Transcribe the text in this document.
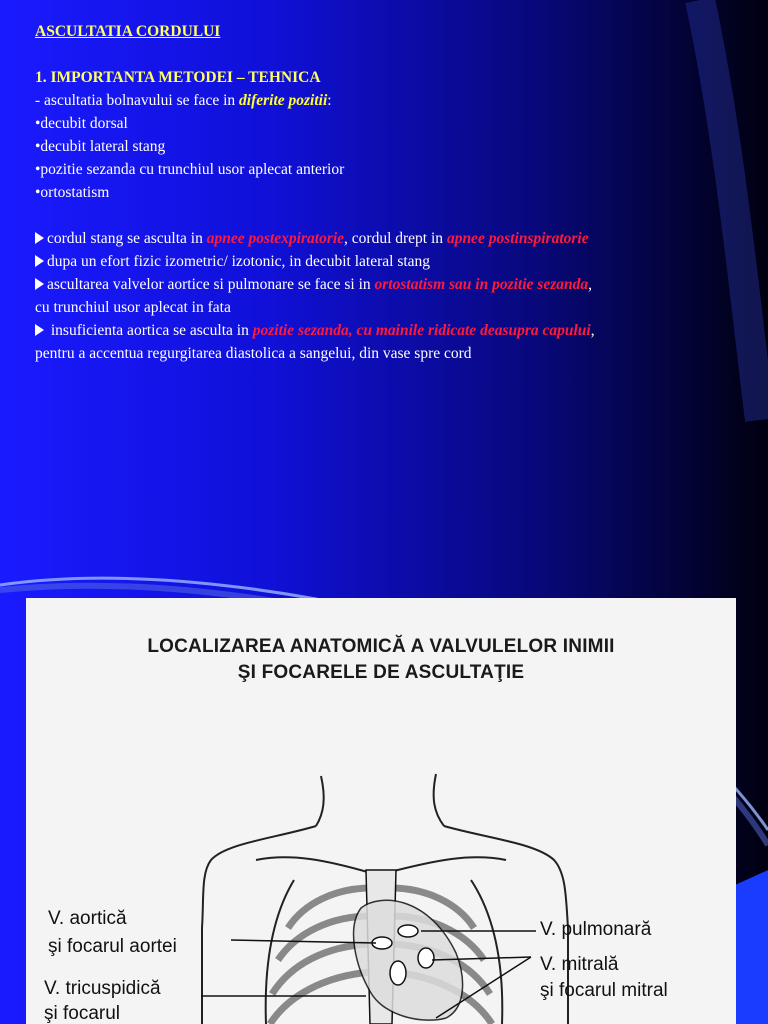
ASCULTATIA CORDULUI
1. IMPORTANTA METODEI – TEHNICA
- ascultatia bolnavului se face in diferite pozitii:
•decubit dorsal
•decubit lateral stang
•pozitie sezanda cu trunchiul usor aplecat anterior
•ortostatism
cordul stang se asculta in apnee postexpiratorie, cordul drept in apnee postinspiratorie
dupa un efort fizic izometric/ izotonic, in decubit lateral stang
ascultarea valvelor aortice si pulmonare se face si in ortostatism sau in pozitie sezanda,
cu trunchiul usor aplecat in fata
insuficienta aortica se asculta in pozitie sezanda, cu mainile ridicate deasupra capului,
pentru a accentua regurgitarea diastolica a sangelui, din vase spre cord
LOCALIZAREA ANATOMICĂ A VALVULELOR INIMII
ŞI FOCARELE DE ASCULTAŢIE
V. aortică
şi focarul aortei
V. tricuspidică
şi focarul
V. pulmonară
V. mitrală
şi focarul mitral
